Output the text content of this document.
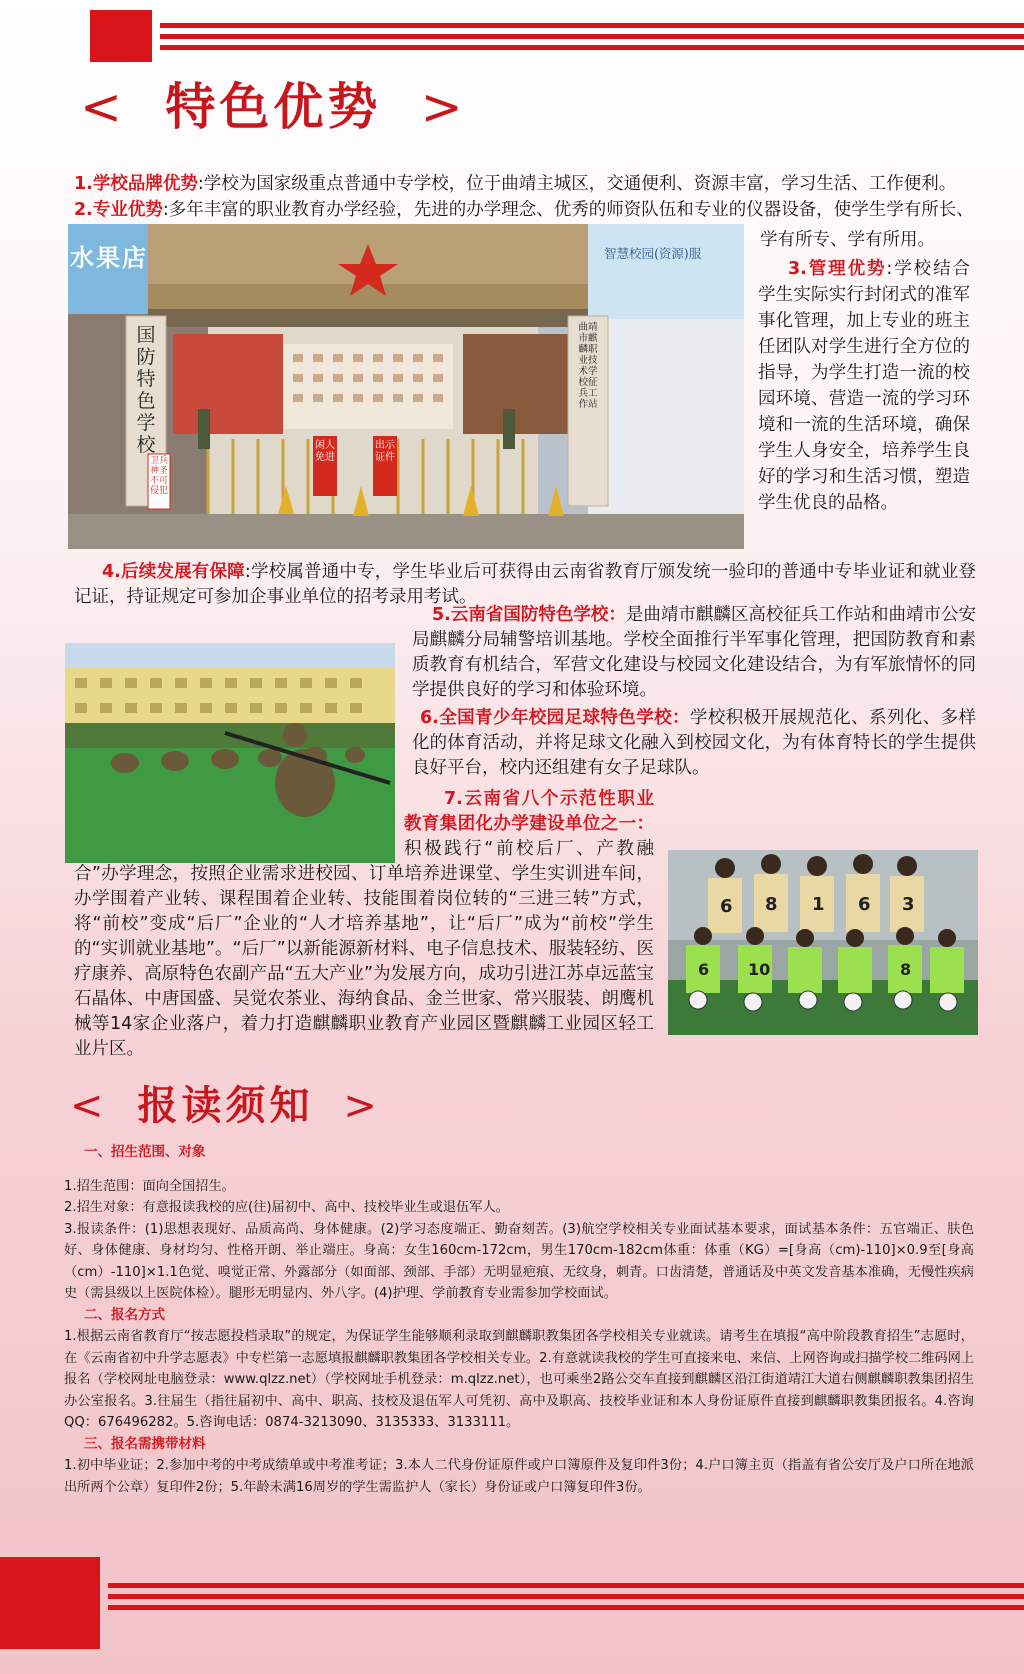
< 特色优势 >
1.学校品牌优势:学校为国家级重点普通中专学校，位于曲靖主城区，交通便利、资源丰富，学习生活、工作便利。
2.专业优势:多年丰富的职业教育办学经验，先进的办学理念、优秀的师资队伍和专业的仪器设备，使学生学有所长、
学有所专、学有所用。
水果店	智慧校园(资源)服
国防特色学校
曲靖市麒麟职业技术学校征兵工作站
卫兵神圣 不可侵犯
闲人免进
出示证件
3.管理优势:学校结合学生实际实行封闭式的准军事化管理，加上专业的班主任团队对学生进行全方位的指导，为学生打造一流的校园环境、营造一流的学习环境和一流的生活环境，确保学生人身安全，培养学生良好的学习和生活习惯，塑造学生优良的品格。
4.后续发展有保障:学校属普通中专，学生毕业后可获得由云南省教育厅颁发统一验印的普通中专毕业证和就业登记证，持证规定可参加企事业单位的招考录用考试。
5.云南省国防特色学校：是曲靖市麒麟区高校征兵工作站和曲靖市公安局麒麟分局辅警培训基地。学校全面推行半军事化管理，把国防教育和素质教育有机结合，军营文化建设与校园文化建设结合，为有军旅情怀的同学提供良好的学习和体验环境。
6.全国青少年校园足球特色学校：学校积极开展规范化、系列化、多样化的体育活动，并将足球文化融入到校园文化，为有体育特长的学生提供良好平台，校内还组建有女子足球队。
6 8 1 6 3
6 10	8
7.云南省八个示范性职业教育集团化办学建设单位之一：积极践行“前校后厂、产教融合”办学理念，按照企业需求进校园、订单培养进课堂、学生实训进车间，办学围着产业转、课程围着企业转、技能围着岗位转的“三进三转”方式，将“前校”变成“后厂”企业的“人才培养基地”，让“后厂”成为“前校”学生的“实训就业基地”。“后厂”以新能源新材料、电子信息技术、服装轻纺、医疗康养、高原特色农副产品“五大产业”为发展方向，成功引进江苏卓远蓝宝石晶体、中唐国盛、吴觉农茶业、海纳食品、金兰世家、常兴服装、朗鹰机械等14家企业落户，着力打造麒麟职业教育产业园区暨麒麟工业园区轻工业片区。
< 报读须知 >
一、招生范围、对象
1.招生范围：面向全国招生。
2.招生对象：有意报读我校的应(往)届初中、高中、技校毕业生或退伍军人。
3.报读条件：(1)思想表现好、品质高尚、身体健康。(2)学习态度端正、勤奋刻苦。(3)航空学校相关专业面试基本要求，面试基本条件：五官端正、肤色好、身体健康、身材均匀、性格开朗、举止端庄。身高：女生160cm-172cm，男生170cm-182cm体重：体重（KG）=[身高（cm)-110]×0.9至[身高（cm）-110]×1.1色觉、嗅觉正常、外露部分（如面部、颈部、手部）无明显疤痕、无纹身，刺青。口齿清楚，普通话及中英文发音基本准确，无慢性疾病史（需县级以上医院体检）。腿形无明显内、外八字。(4)护理、学前教育专业需参加学校面试。
二、报名方式
1.根据云南省教育厅“按志愿投档录取”的规定，为保证学生能够顺利录取到麒麟职教集团各学校相关专业就读。请考生在填报“高中阶段教育招生”志愿时，在《云南省初中升学志愿表》中专栏第一志愿填报麒麟职教集团各学校相关专业。2.有意就读我校的学生可直接来电、来信、上网咨询或扫描学校二维码网上报名（学校网址电脑登录：www.qlzz.net）（学校网址手机登录：m.qlzz.net），也可乘坐2路公交车直接到麒麟区沿江街道靖江大道右侧麒麟职教集团招生办公室报名。3.往届生（指往届初中、高中、职高、技校及退伍军人可凭初、高中及职高、技校毕业证和本人身份证原件直接到麒麟职教集团报名。4.咨询QQ：676496282。5.咨询电话：0874-3213090、3135333、3133111。
三、报名需携带材料
1.初中毕业证；2.参加中考的中考成绩单或中考准考证；3.本人二代身份证原件或户口簿原件及复印件3份；4.户口簿主页（指盖有省公安厅及户口所在地派出所两个公章）复印件2份；5.年龄未满16周岁的学生需监护人（家长）身份证或户口簿复印件3份。
